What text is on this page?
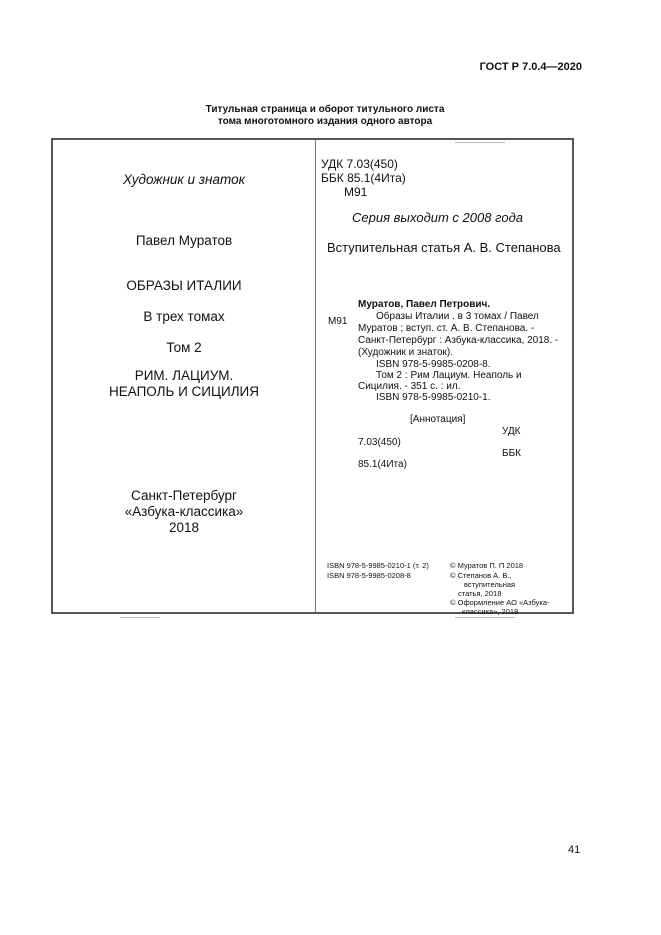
ГОСТ Р 7.0.4—2020
Титульная страница и оборот титульного листа
тома многотомного издания одного автора
Художник и знаток
Павел Муратов
ОБРАЗЫ ИТАЛИИ
В трех томах
Том 2
РИМ. ЛАЦИУМ.
НЕАПОЛЬ И СИЦИЛИЯ
Санкт-Петербург
«Азбука-классика»
2018
УДК 7.03(450)
ББК 85.1(4Ита)
М91
Серия выходит с 2008 года
Вступительная статья А. В. Степанова
М91
Муратов, Павел Петрович.
Образы Италии . в 3 томах / Павел
Муратов ; вступ. ст. А. В. Степанова. -
Санкт-Петербург : Азбука-классика, 2018. -
(Художник и знаток).
ISBN 978-5-9985-0208-8.
Том 2 : Рим Лациум. Неаполь и
Сицилия. - 351 с. : ил.
ISBN 978-5-9985-0210-1.
[Аннотация]
УДК
7.03(450)
ББК
85.1(4Ита)
ISBN 978-5-9985-0210-1 (т. 2)
ISBN 978-5-9985-0208-8
© Муратов П. П 2018
© Степанов А. В.,
вступительная
статья, 2018
© Оформление АО «Азбука-
классика», 2018
41
